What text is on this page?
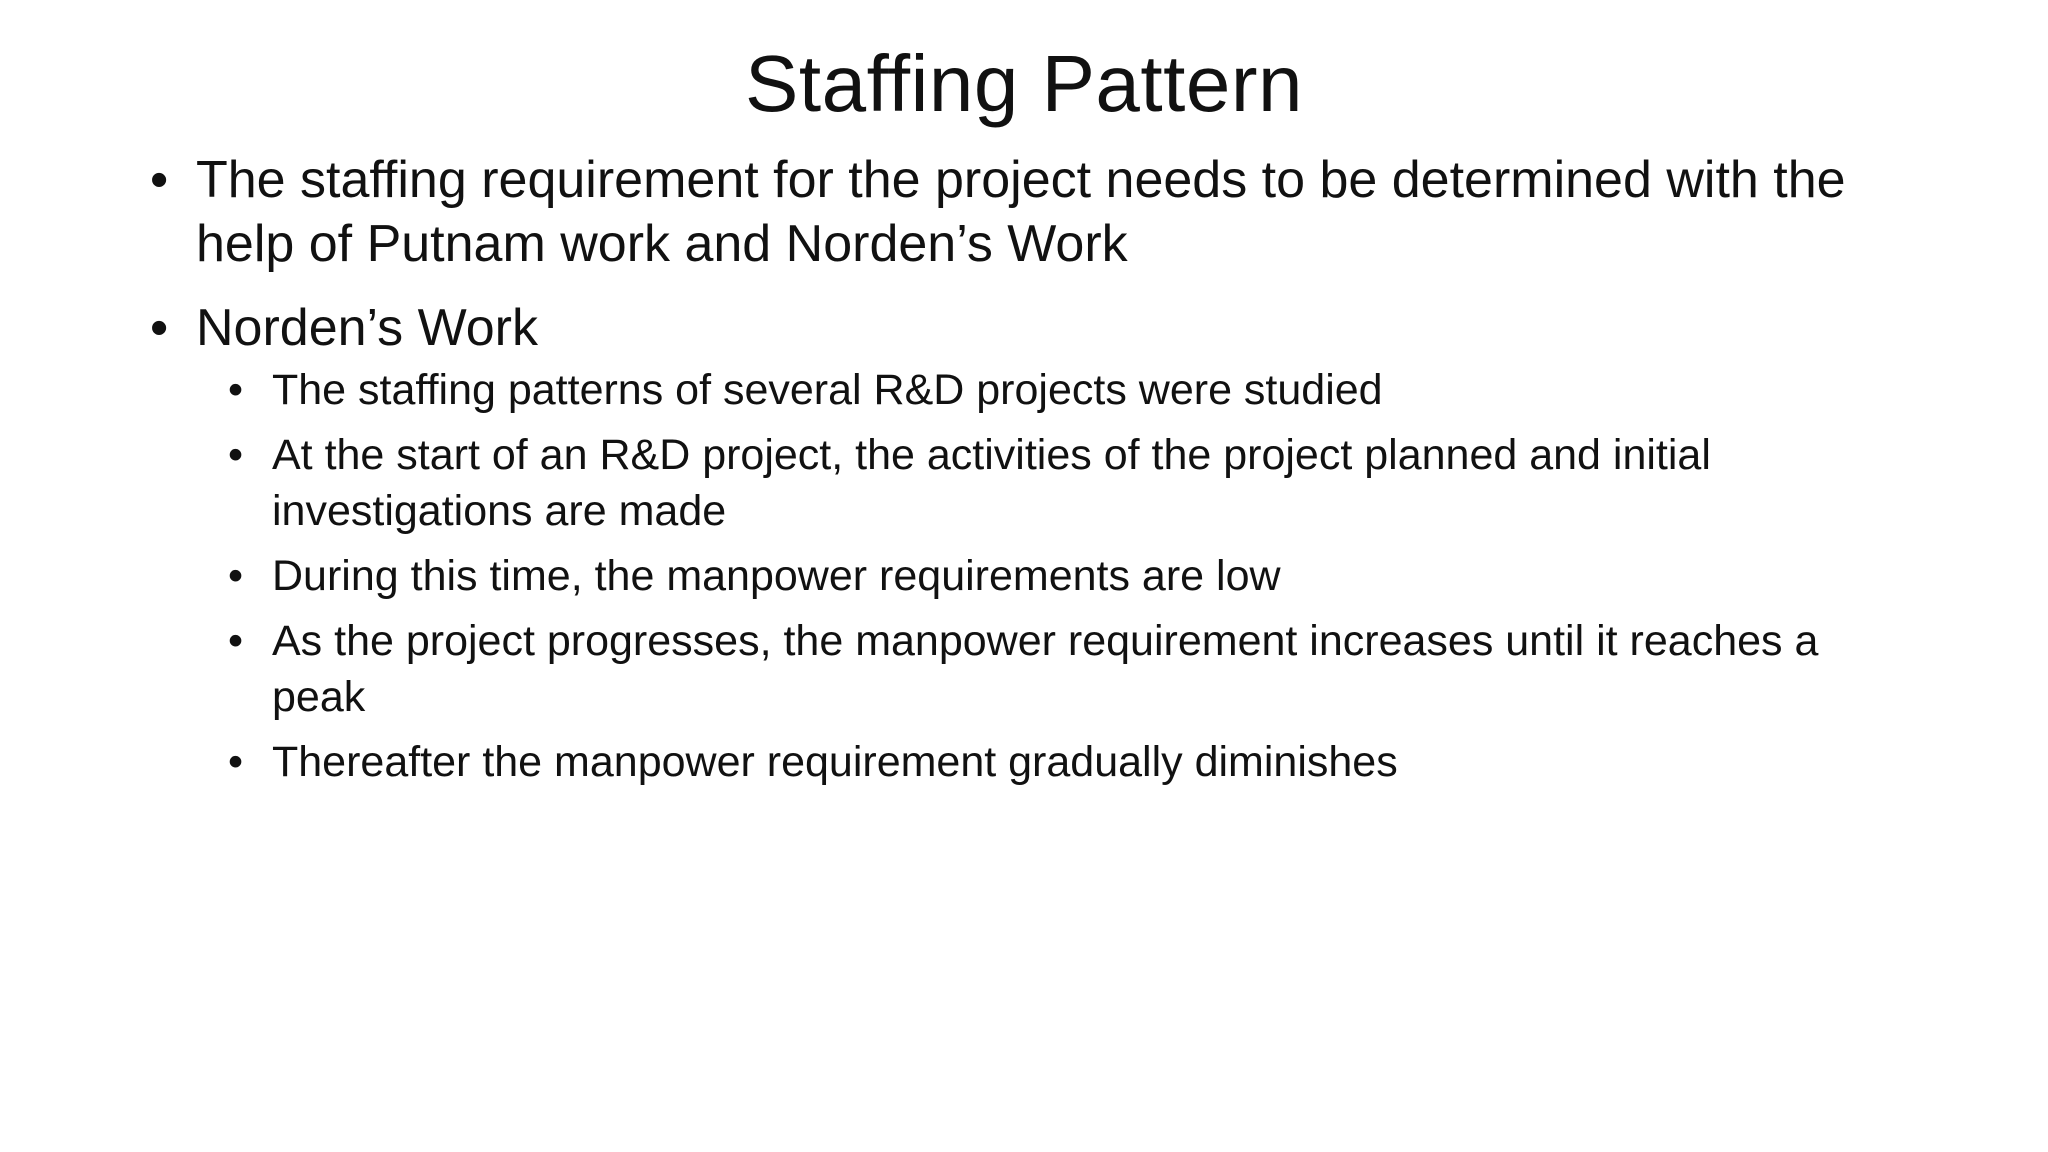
Staffing Pattern
• The staffing requirement for the project needs to be determined with the help of Putnam work and Norden’s Work
• Norden’s Work
• The staffing patterns of several R&D projects were studied
• At the start of an R&D project, the activities of the project planned and initial investigations are made
• During this time, the manpower requirements are low
• As the project progresses, the manpower requirement increases until it reaches a peak
• Thereafter the manpower requirement gradually diminishes
